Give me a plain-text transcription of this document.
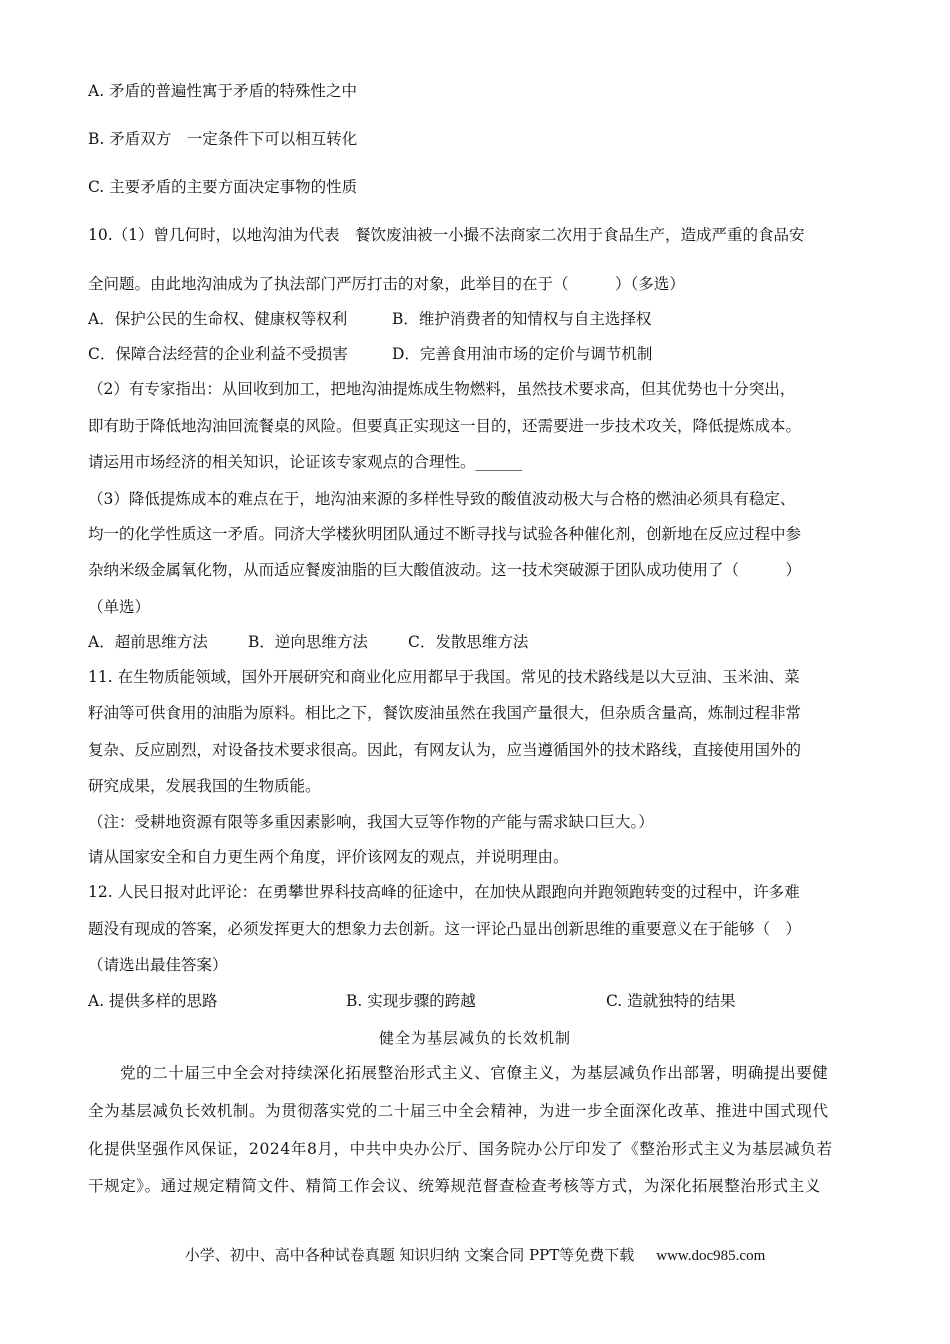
A. 矛盾的普遍性寓于矛盾的特殊性之中
B. 矛盾双方　一定条件下可以相互转化
C. 主要矛盾的主要方面决定事物的性质
10.（1）曾几何时，以地沟油为代表　餐饮废油被一小撮不法商家二次用于食品生产，造成严重的食品安
全问题。由此地沟油成为了执法部门严厉打击的对象，此举目的在于（　　　）（多选）
A．保护公民的生命权、健康权等权利	B．维护消费者的知情权与自主选择权
C．保障合法经营的企业利益不受损害	D．完善食用油市场的定价与调节机制
（2）有专家指出：从回收到加工，把地沟油提炼成生物燃料，虽然技术要求高，但其优势也十分突出，
即有助于降低地沟油回流餐桌的风险。但要真正实现这一目的，还需要进一步技术攻关，降低提炼成本。
请运用市场经济的相关知识，论证该专家观点的合理性。______
（3）降低提炼成本的难点在于，地沟油来源的多样性导致的酸值波动极大与合格的燃油必须具有稳定、
均一的化学性质这一矛盾。同济大学楼狄明团队通过不断寻找与试验各种催化剂，创新地在反应过程中参
杂纳米级金属氧化物，从而适应餐废油脂的巨大酸值波动。这一技术突破源于团队成功使用了（　　　）
（单选）
A．超前思维方法	B．逆向思维方法	C．发散思维方法
11. 在生物质能领域，国外开展研究和商业化应用都早于我国。常见的技术路线是以大豆油、玉米油、菜
籽油等可供食用的油脂为原料。相比之下，餐饮废油虽然在我国产量很大，但杂质含量高，炼制过程非常
复杂、反应剧烈，对设备技术要求很高。因此，有网友认为，应当遵循国外的技术路线，直接使用国外的
研究成果，发展我国的生物质能。
（注：受耕地资源有限等多重因素影响，我国大豆等作物的产能与需求缺口巨大。）
请从国家安全和自力更生两个角度，评价该网友的观点，并说明理由。
12. 人民日报对此评论：在勇攀世界科技高峰的征途中，在加快从跟跑向并跑领跑转变的过程中，许多难
题没有现成的答案，必须发挥更大的想象力去创新。这一评论凸显出创新思维的重要意义在于能够（　）
（请选出最佳答案）
A. 提供多样的思路	B. 实现步骤的跨越	C. 造就独特的结果
健全为基层减负的长效机制
党的二十届三中全会对持续深化拓展整治形式主义、官僚主义，为基层减负作出部署，明确提出要健
全为基层减负长效机制。为贯彻落实党的二十届三中全会精神，为进一步全面深化改革、推进中国式现代
化提供坚强作风保证，2024年8月，中共中央办公厅、国务院办公厅印发了《整治形式主义为基层减负若
干规定》。通过规定精简文件、精简工作会议、统筹规范督查检查考核等方式，为深化拓展整治形式主义
小学、初中、高中各种试卷真题 知识归纳 文案合同 PPT等免费下载 www.doc985.com
